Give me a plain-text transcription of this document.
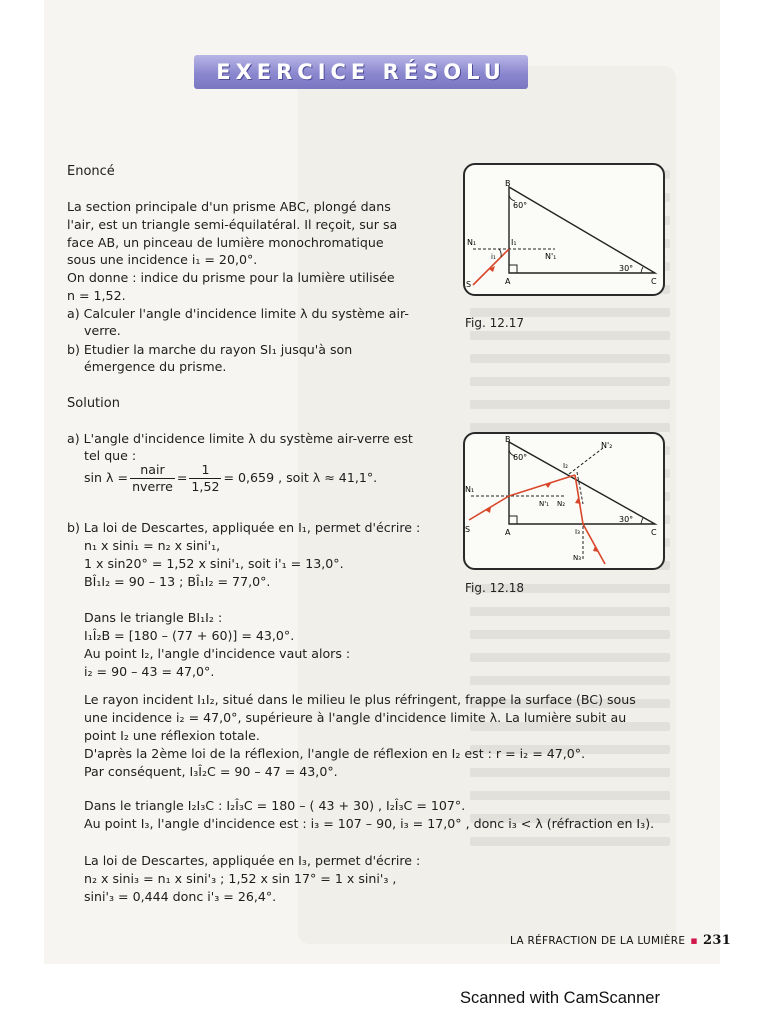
EXERCICE RÉSOLU
Enoncé
La section principale d'un prisme ABC, plongé dans
l'air, est un triangle semi-équilatéral. Il reçoit, sur sa
face AB, un pinceau de lumière monochromatique
sous une incidence i₁ = 20,0°.
On donne : indice du prisme pour la lumière utilisée
n = 1,52.
a) Calculer l'angle d'incidence limite λ du système air-
verre.
b) Etudier la marche du rayon SI₁ jusqu'à son
émergence du prisme.
B
60°
A	C
30°
S
N₁
N'₁
I₁
i₁
Fig. 12.17
Solution
a) L'angle d'incidence limite λ du système air-verre est
tel que :
$\sin \lambda = \frac{\text{nair}}{\text{nverre}} = \frac{1}{1,52} = 0,659$ , soit λ ≈ 41,1°.
b) La loi de Descartes, appliquée en I₁, permet d'écrire :
n₁ x sini₁ = n₂ x sini'₁,
1 x sin20° = 1,52 x sini'₁, soit i'₁ = 13,0°.
BÎ₁I₂ = 90 – 13 ; BÎ₁I₂ = 77,0°.
Dans le triangle BI₁I₂ :
I₁Î₂B = [180 – (77 + 60)] = 43,0°.
Au point I₂, l'angle d'incidence vaut alors :
i₂ = 90 – 43 = 47,0°.
B
60°
A	C
30°
S
N₁
N'₁ N₂
N'₂
I₂
I₃
N₃
Fig. 12.18
Le rayon incident I₁I₂, situé dans le milieu le plus réfringent, frappe la surface (BC) sous
une incidence i₂ = 47,0°, supérieure à l'angle d'incidence limite λ. La lumière subit au
point I₂ une réflexion totale.
D'après la 2ème loi de la réflexion, l'angle de réflexion en I₂ est : r = i₂ = 47,0°.
Par conséquent, I₃Î₂C = 90 – 47 = 43,0°.
Dans le triangle I₂I₃C : I₂Î₃C = 180 – ( 43 + 30) , I₂Î₃C = 107°.
Au point I₃, l'angle d'incidence est : i₃ = 107 – 90, i₃ = 17,0° , donc i₃ < λ (réfraction en I₃).
La loi de Descartes, appliquée en I₃, permet d'écrire :
n₂ x sini₃ = n₁ x sini'₃ ; 1,52 x sin 17° = 1 x sini'₃ ,
sini'₃ = 0,444 donc i'₃ = 26,4°.
LA RÉFRACTION DE LA LUMIÈRE ▪ 231
Scanned with CamScanner
